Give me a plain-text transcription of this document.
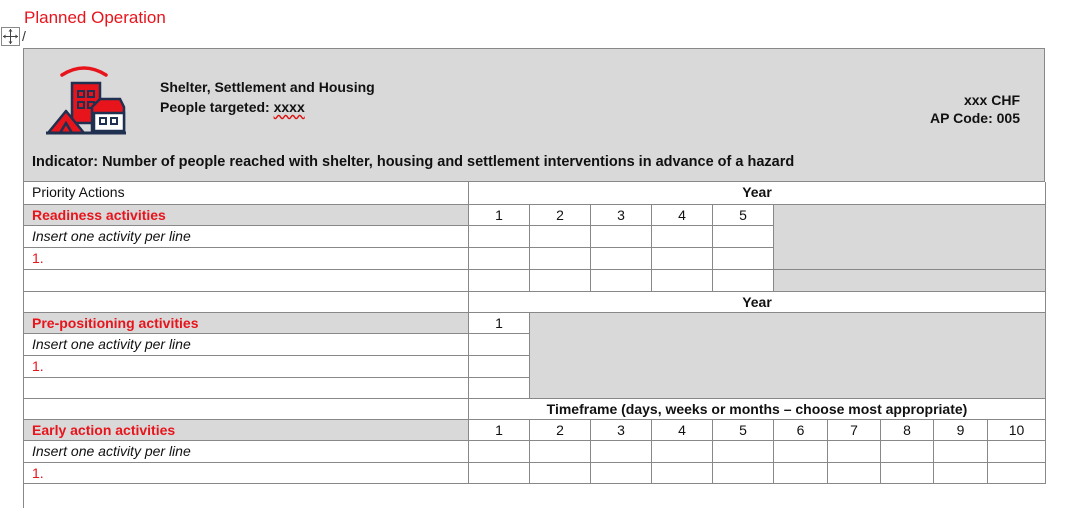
Planned Operation
/
Shelter, Settlement and Housing
People targeted: xxxx	xxx CHF
AP Code: 005
Indicator: Number of people reached with shelter, housing and settlement interventions in advance of a hazard
Priority Actions	Year
Readiness activities	1	2	3	4	5
Insert one activity per line
1.
Year
Pre-positioning activities	1
Insert one activity per line
1.
Timeframe (days, weeks or months – choose most appropriate)
Early action activities	1	2	3	4	5	6	7	8	9	10
Insert one activity per line
1.
